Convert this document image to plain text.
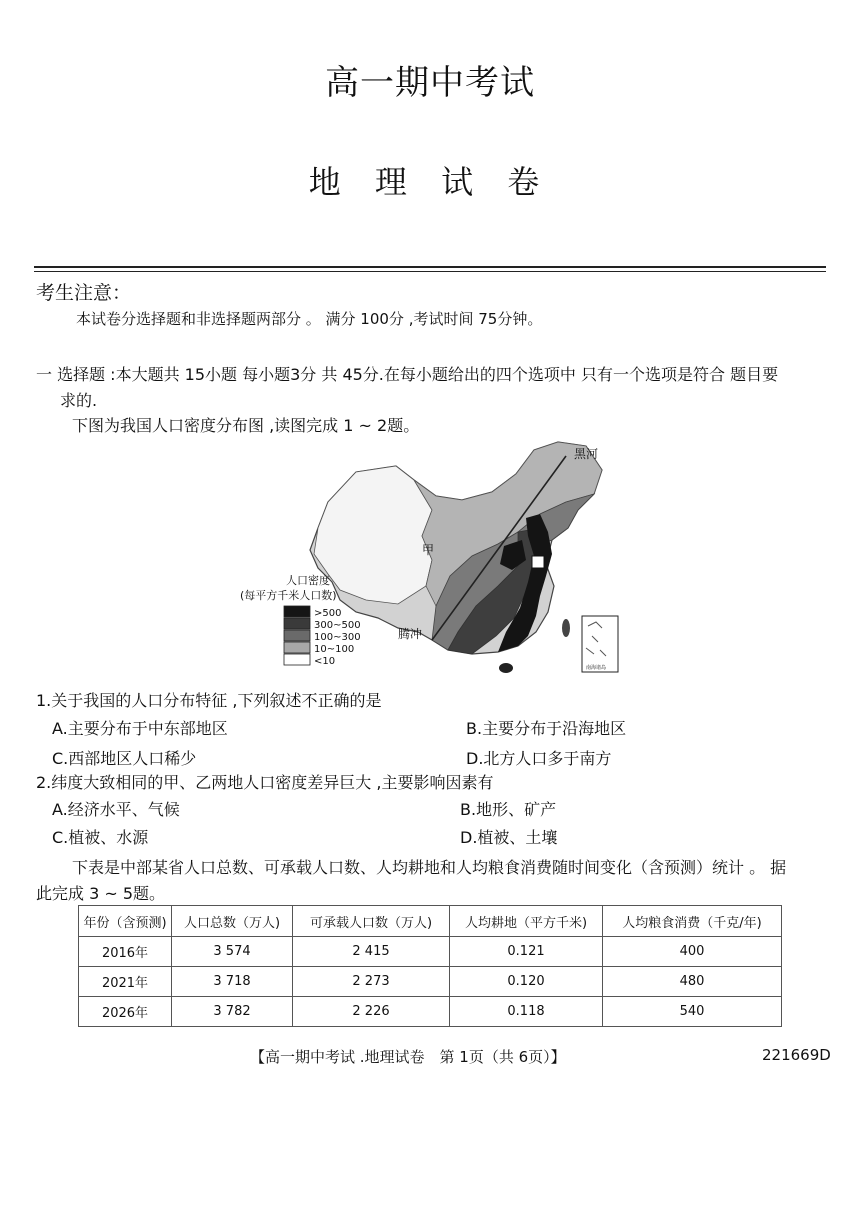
高一期中考试
地 理 试 卷
考生注意：
本试卷分选择题和非选择题两部分 。 满分 100分 ,考试时间 75分钟。
一 选择题 :本大题共 15小题 每小题3分 共 45分.在每小题给出的四个选项中 只有一个选项是符合 题目要
求的.
下图为我国人口密度分布图 ,读图完成 1 ~ 2题。
南海诸岛
黑河
腾冲
甲
人口密度
(每平方千米人口数)
>500
300~500
100~300
10~100
<10
1.关于我国的人口分布特征 ,下列叙述不正确的是
A.主要分布于中东部地区	B.主要分布于沿海地区
C.西部地区人口稀少	D.北方人口多于南方
2.纬度大致相同的甲、乙两地人口密度差异巨大 ,主要影响因素有
A.经济水平、气候	B.地形、矿产
C.植被、水源	D.植被、土壤
下表是中部某省人口总数、可承载人口数、人均耕地和人均粮食消费随时间变化（含预测）统计 。 据
此完成 3 ~ 5题。
年份（含预测)	人口总数（万人)	可承载人口数（万人)	人均耕地（平方千米)	人均粮食消费（千克/年)
2016年	3 574	2 415	0.121	400
2021年	3 718	2 273	0.120	480
2026年	3 782	2 226	0.118	540
【高一期中考试 .地理试卷　第 1页（共 6页）】	221669D
